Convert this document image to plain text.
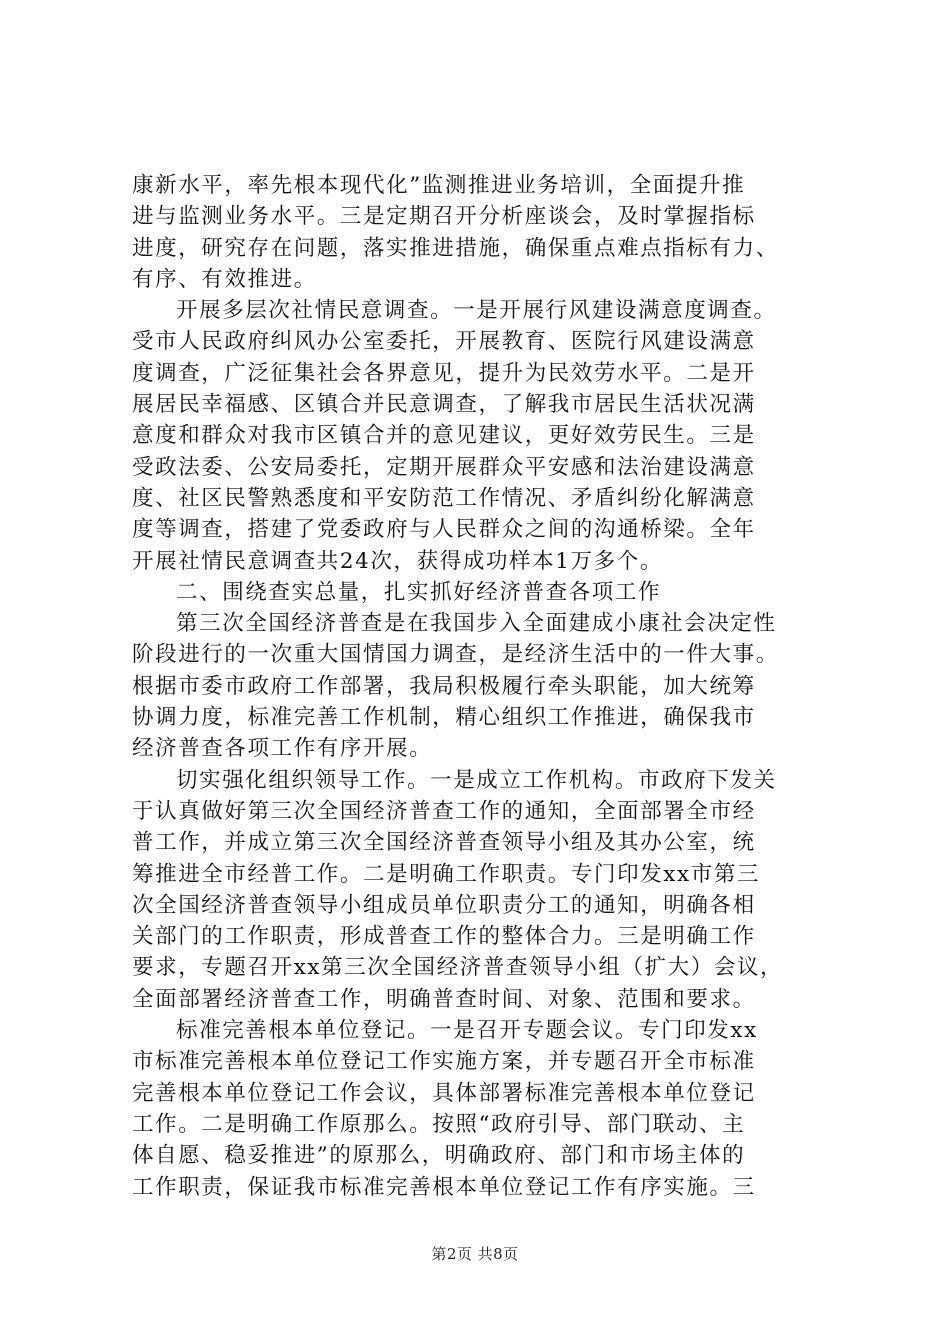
康新水平，率先根本现代化”监测推进业务培训，全面提升推
进与监测业务水平。三是定期召开分析座谈会，及时掌握指标
进度，研究存在问题，落实推进措施，确保重点难点指标有力、
有序、有效推进。
开展多层次社情民意调查。一是开展行风建设满意度调查。
受市人民政府纠风办公室委托，开展教育、医院行风建设满意
度调查，广泛征集社会各界意见，提升为民效劳水平。二是开
展居民幸福感、区镇合并民意调查，了解我市居民生活状况满
意度和群众对我市区镇合并的意见建议，更好效劳民生。三是
受政法委、公安局委托，定期开展群众平安感和法治建设满意
度、社区民警熟悉度和平安防范工作情况、矛盾纠纷化解满意
度等调查，搭建了党委政府与人民群众之间的沟通桥梁。全年
开展社情民意调查共24次，获得成功样本1万多个。
二、围绕查实总量，扎实抓好经济普查各项工作
第三次全国经济普查是在我国步入全面建成小康社会决定性
阶段进行的一次重大国情国力调查，是经济生活中的一件大事。
根据市委市政府工作部署，我局积极履行牵头职能，加大统筹
协调力度，标准完善工作机制，精心组织工作推进，确保我市
经济普查各项工作有序开展。
切实强化组织领导工作。一是成立工作机构。市政府下发关
于认真做好第三次全国经济普查工作的通知，全面部署全市经
普工作，并成立第三次全国经济普查领导小组及其办公室，统
筹推进全市经普工作。二是明确工作职责。专门印发xx市第三
次全国经济普查领导小组成员单位职责分工的通知，明确各相
关部门的工作职责，形成普查工作的整体合力。三是明确工作
要求，专题召开xx第三次全国经济普查领导小组（扩大）会议，
全面部署经济普查工作，明确普查时间、对象、范围和要求。
标准完善根本单位登记。一是召开专题会议。专门印发xx
市标准完善根本单位登记工作实施方案，并专题召开全市标准
完善根本单位登记工作会议，具体部署标准完善根本单位登记
工作。二是明确工作原那么。按照“政府引导、部门联动、主
体自愿、稳妥推进”的原那么，明确政府、部门和市场主体的
工作职责，保证我市标准完善根本单位登记工作有序实施。三
第2页 共8页
